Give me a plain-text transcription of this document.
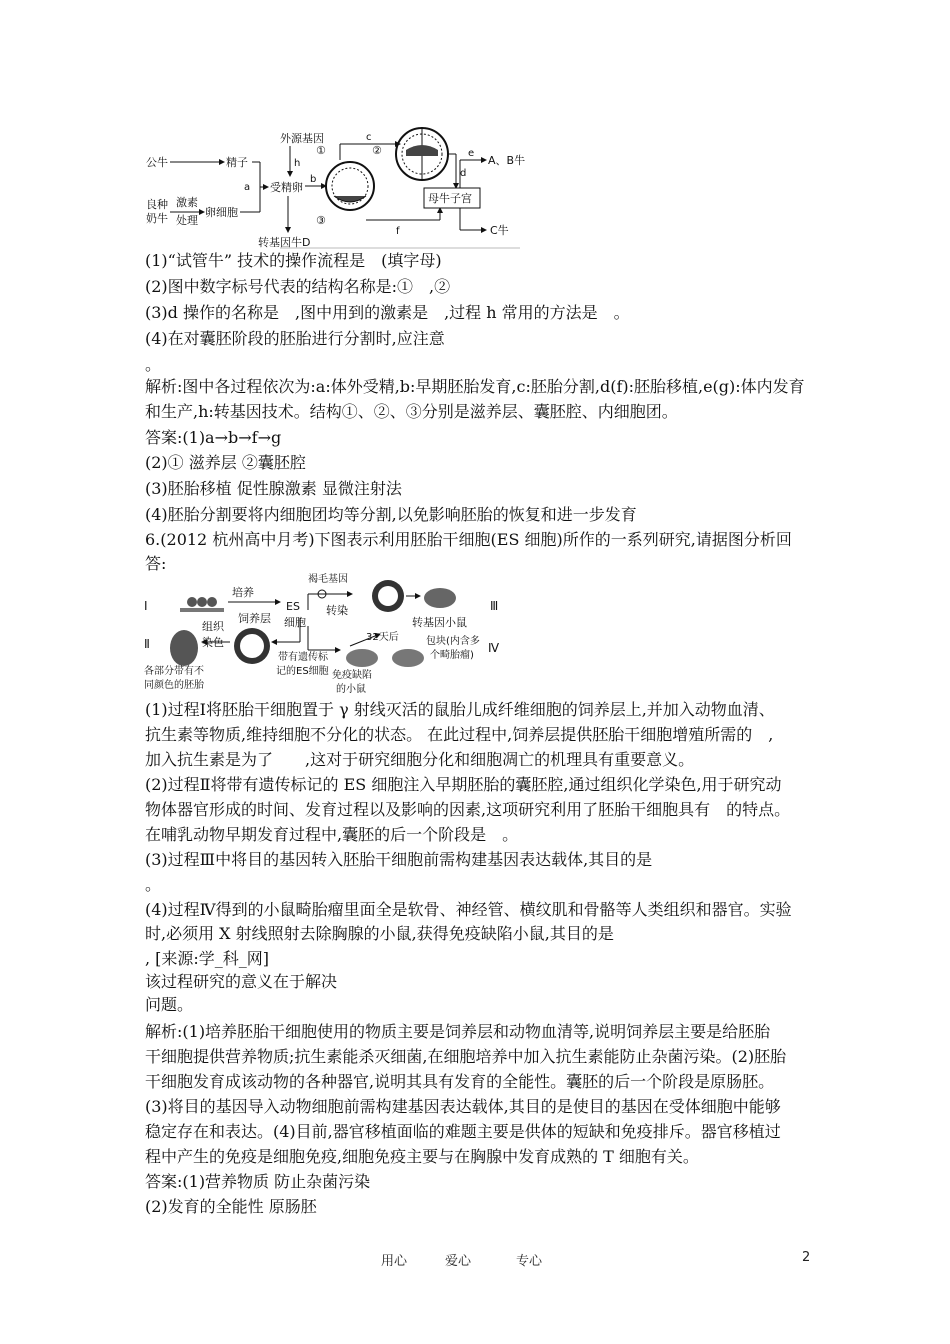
公牛	精子
良种
奶牛
激素
处理
卵细胞
a
外源基因
h
受精卵
b
转基因牛D
①	②
③
c
d
f
母牛子宫
e
A、B牛
C牛
(1)“试管牛” 技术的操作流程是　(填字母)
(2)图中数字标号代表的结构名称是:①　,②
(3)d 操作的名称是　,图中用到的激素是　,过程 h 常用的方法是　。
(4)在对囊胚阶段的胚胎进行分割时,应注意
。
解析:图中各过程依次为:a:体外受精,b:早期胚胎发育,c:胚胎分割,d(f):胚胎移植,e(g):体内发育
和生产,h:转基因技术。结构①、②、③分别是滋养层、囊胚腔、内细胞团。
答案:(1)a→b→f→g
(2)① 滋养层 ②囊胚腔
(3)胚胎移植 促性腺激素 显微注射法
(4)胚胎分割要将内细胞团均等分割,以免影响胚胎的恢复和进一步发育
6.(2012 杭州高中月考)下图表示利用胚胎干细胞(ES 细胞)所作的一系列研究,请据图分析回
答:
Ⅰ
Ⅱ
Ⅲ
Ⅳ
培养
饲养层
ES
细胞
褐毛基因
转染
转基因小鼠
组织
染色
带有遗传标
记的ES细胞
各部分带有不
同颜色的胚胎
免疫缺陷
的小鼠
32天后	包块(内含多
个畸胎瘤)
(1)过程Ⅰ将胚胎干细胞置于 γ 射线灭活的鼠胎儿成纤维细胞的饲养层上,并加入动物血清、
抗生素等物质,维持细胞不分化的状态。 在此过程中,饲养层提供胚胎干细胞增殖所需的　,
加入抗生素是为了　　,这对于研究细胞分化和细胞凋亡的机理具有重要意义。
(2)过程Ⅱ将带有遗传标记的 ES 细胞注入早期胚胎的囊胚腔,通过组织化学染色,用于研究动
物体器官形成的时间、发育过程以及影响的因素,这项研究利用了胚胎干细胞具有　的特点。
在哺乳动物早期发育过程中,囊胚的后一个阶段是　。
(3)过程Ⅲ中将目的基因转入胚胎干细胞前需构建基因表达载体,其目的是
。
(4)过程Ⅳ得到的小鼠畸胎瘤里面全是软骨、神经管、横纹肌和骨骼等人类组织和器官。实验
时,必须用 X 射线照射去除胸腺的小鼠,获得免疫缺陷小鼠,其目的是
, [来源:学_科_网]
该过程研究的意义在于解决
问题。
解析:(1)培养胚胎干细胞使用的物质主要是饲养层和动物血清等,说明饲养层主要是给胚胎
干细胞提供营养物质;抗生素能杀灭细菌,在细胞培养中加入抗生素能防止杂菌污染。(2)胚胎
干细胞发育成该动物的各种器官,说明其具有发育的全能性。囊胚的后一个阶段是原肠胚。
(3)将目的基因导入动物细胞前需构建基因表达载体,其目的是使目的基因在受体细胞中能够
稳定存在和表达。(4)目前,器官移植面临的难题主要是供体的短缺和免疫排斥。器官移植过
程中产生的免疫是细胞免疫,细胞免疫主要与在胸腺中发育成熟的 T 细胞有关。
答案:(1)营养物质 防止杂菌污染
(2)发育的全能性 原肠胚
用心	爱心	专心	2
